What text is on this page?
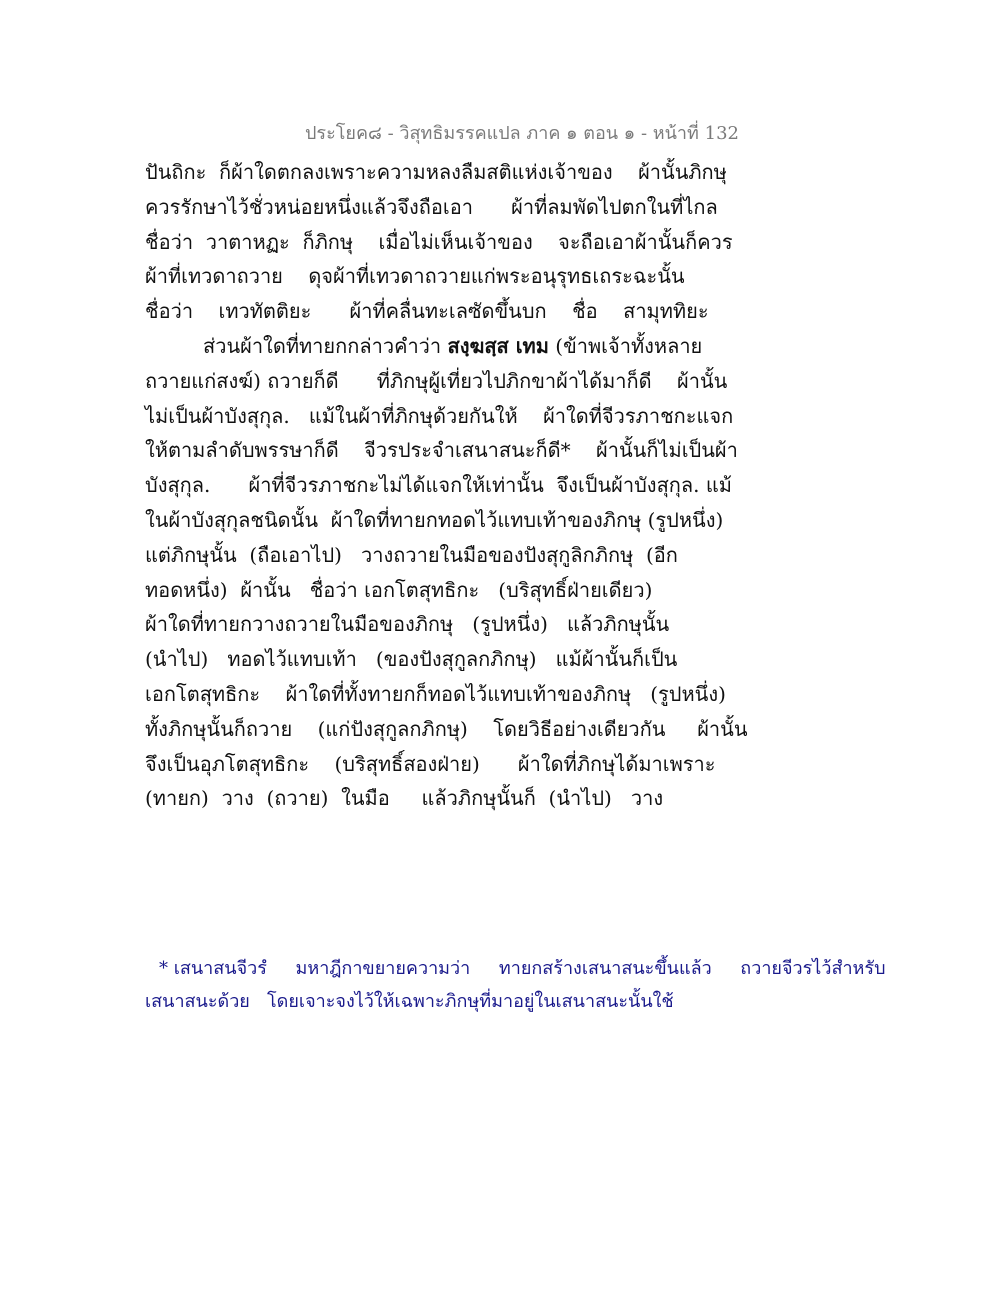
ประโยค๘ - วิสุทธิมรรคแปล ภาค ๑ ตอน ๑ - หน้าที่ 132
ปันถิกะ  ก็ผ้าใดตกลงเพราะความหลงลืมสติแห่งเจ้าของ    ผ้านั้นภิกษุ
ควรรักษาไว้ชั่วหน่อยหนึ่งแล้วจึงถือเอา      ผ้าที่ลมพัดไปตกในที่ไกล
ชื่อว่า  วาตาหฏะ  ก็ภิกษุ    เมื่อไม่เห็นเจ้าของ    จะถือเอาผ้านั้นก็ควร
ผ้าที่เทวดาถวาย    ดุจผ้าที่เทวดาถวายแก่พระอนุรุทธเถระฉะนั้น
ชื่อว่า    เทวทัตติยะ      ผ้าที่คลื่นทะเลซัดขึ้นบก    ชื่อ    สามุททิยะ
ส่วนผ้าใดที่ทายกกล่าวคำว่า สงฺฆสฺส เทม (ข้าพเจ้าทั้งหลาย
ถวายแก่สงฆ์) ถวายก็ดี      ที่ภิกษุผู้เที่ยวไปภิกขาผ้าได้มาก็ดี    ผ้านั้น
ไม่เป็นผ้าบังสุกุล.   แม้ในผ้าที่ภิกษุด้วยกันให้    ผ้าใดที่จีวรภาชกะแจก
ให้ตามลำดับพรรษาก็ดี    จีวรประจำเสนาสนะก็ดี*    ผ้านั้นก็ไม่เป็นผ้า
บังสุกุล.      ผ้าที่จีวรภาชกะไม่ได้แจกให้เท่านั้น  จึงเป็นผ้าบังสุกุล. แม้
ในผ้าบังสุกุลชนิดนั้น  ผ้าใดที่ทายกทอดไว้แทบเท้าของภิกษุ (รูปหนึ่ง)
แต่ภิกษุนั้น  (ถือเอาไป)   วางถวายในมือของปังสุกูลิกภิกษุ  (อีก
ทอดหนึ่ง)  ผ้านั้น   ชื่อว่า เอกโตสุทธิกะ   (บริสุทธิ์ฝ่ายเดียว)
ผ้าใดที่ทายกวางถวายในมือของภิกษุ   (รูปหนึ่ง)   แล้วภิกษุนั้น
(นำไป)   ทอดไว้แทบเท้า   (ของปังสุกูลกภิกษุ)   แม้ผ้านั้นก็เป็น
เอกโตสุทธิกะ    ผ้าใดที่ทั้งทายกก็ทอดไว้แทบเท้าของภิกษุ   (รูปหนึ่ง)
ทั้งภิกษุนั้นก็ถวาย    (แก่ปังสุกูลกภิกษุ)    โดยวิธีอย่างเดียวกัน     ผ้านั้น
จึงเป็นอุภโตสุทธิกะ    (บริสุทธิ์สองฝ่าย)      ผ้าใดที่ภิกษุได้มาเพราะ
(ทายก)  วาง  (ถวาย)  ในมือ     แล้วภิกษุนั้นก็  (นำไป)   วาง
* เสนาสนจีวรํ     มหาฎีกาขยายความว่า     ทายกสร้างเสนาสนะขึ้นแล้ว     ถวายจีวรไว้สำหรับ
เสนาสนะด้วย   โดยเจาะจงไว้ให้เฉพาะภิกษุที่มาอยู่ในเสนาสนะนั้นใช้
